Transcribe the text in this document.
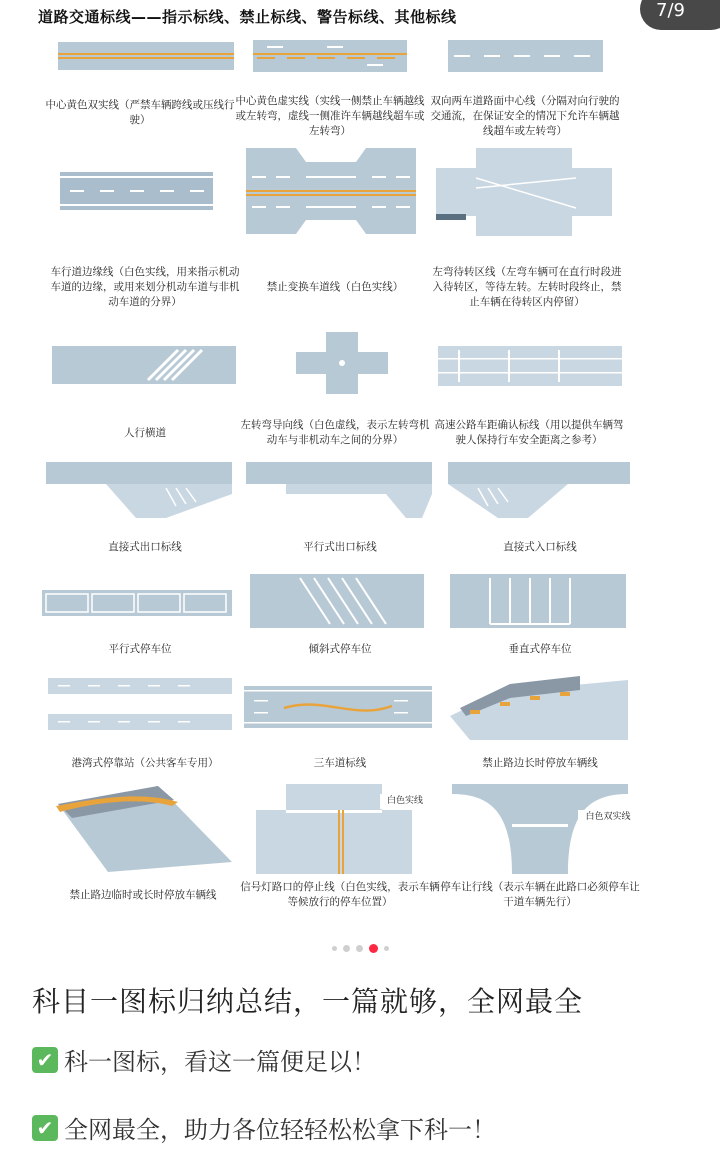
道路交通标线——指示标线、禁止标线、警告标线、其他标线	7/9
中心黄色双实线（严禁车辆跨线或压线行驶）
中心黄色虚实线（实线一侧禁止车辆越线或左转弯，虚线一侧准许车辆越线超车或左转弯）
双向两车道路面中心线（分隔对向行驶的交通流，在保证安全的情况下允许车辆越线超车或左转弯）
车行道边缘线（白色实线，用来指示机动车道的边缘，或用来划分机动车道与非机动车道的分界）
禁止变换车道线（白色实线）
左弯待转区线（左弯车辆可在直行时段进入待转区，等待左转。左转时段终止，禁止车辆在待转区内停留）
人行横道
左转弯导向线（白色虚线，表示左转弯机动车与非机动车之间的分界）
高速公路车距确认标线（用以提供车辆驾驶人保持行车安全距离之参考）
直接式出口标线	平行式出口标线	直接式入口标线
平行式停车位	倾斜式停车位	垂直式停车位
港湾式停靠站（公共客车专用）	三车道标线	禁止路边长时停放车辆线
白色实线
白色双实线
禁止路边临时或长时停放车辆线
信号灯路口的停止线（白色实线，表示车辆等候放行的停车位置）
停车让行线（表示车辆在此路口必须停车让干道车辆先行）
科目一图标归纳总结，一篇就够，全网最全
✔ 科一图标，看这一篇便足以！
✔ 全网最全，助力各位轻轻松松拿下科一！
